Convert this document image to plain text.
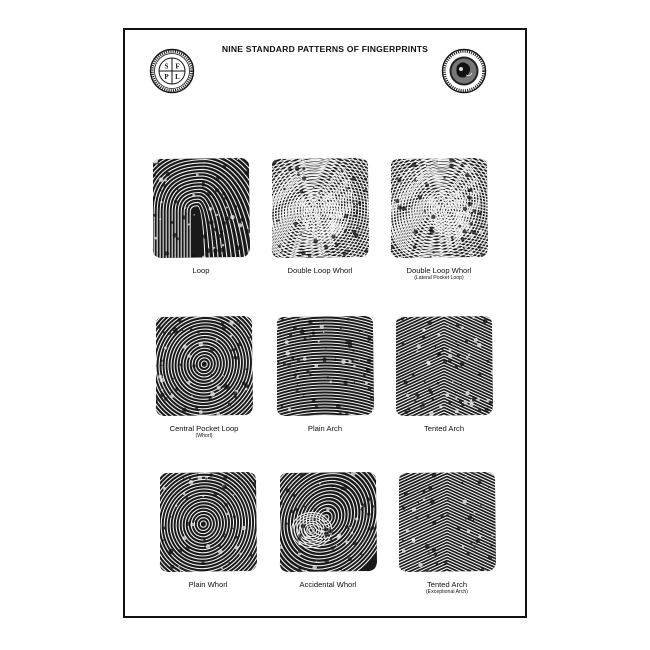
S F
P L
NINE STANDARD PATTERNS OF FINGERPRINTS
Loop	Double Loop Whorl	Double Loop Whorl
(Lateral Pocket Loop)
Central Pocket Loop
(Whorl)
Plain Arch	Tented Arch
Plain Whorl	Accidental Whorl	Tented Arch
(Exceptional Arch)
